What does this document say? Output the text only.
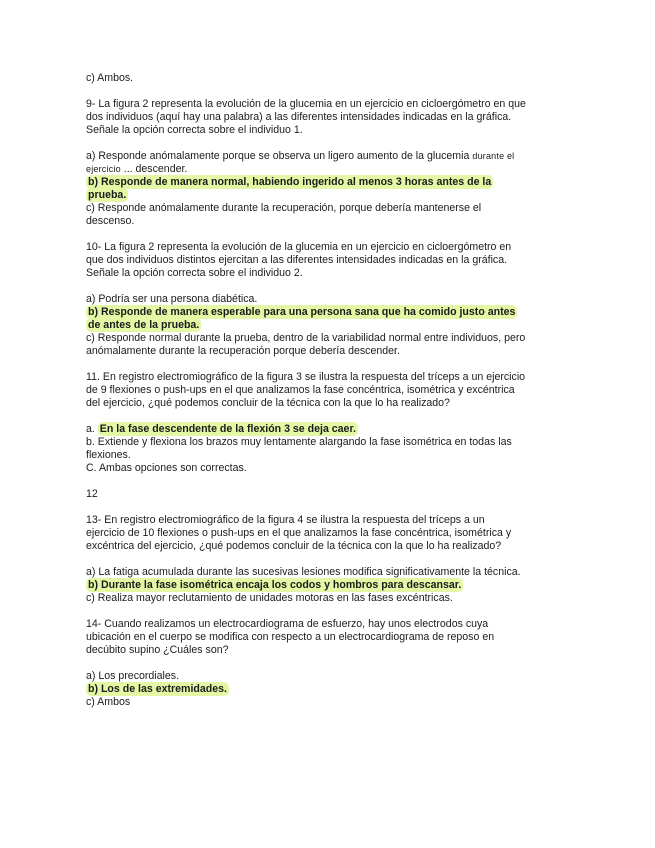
c) Ambos.

9- La figura 2 representa la evolución de la glucemia en un ejercicio en cicloergómetro en que dos individuos (aquí hay una palabra) a las diferentes intensidades indicadas en la gráfica. Señale la opción correcta sobre el individuo 1.

a) Responde anómalamente porque se observa un ligero aumento de la glucemia durante el ejercicio ... descender.

b) Responde de manera normal, habiendo ingerido al menos 3 horas antes de la prueba.

c) Responde anómalamente durante la recuperación, porque debería mantenerse el descenso.

10- La figura 2 representa la evolución de la glucemia en un ejercicio en cicloergómetro en que dos individuos distintos ejercitan a las diferentes intensidades indicadas en la gráfica. Señale la opción correcta sobre el individuo 2.

a) Podría ser una persona diabética.

b) Responde de manera esperable para una persona sana que ha comido justo antes de antes de la prueba.

c) Responde normal durante la prueba, dentro de la variabilidad normal entre individuos, pero anómalamente durante la recuperación porque debería descender.

11. En registro electromiográfico de la figura 3 se ilustra la respuesta del tríceps a un ejercicio de 9 flexiones o push-ups en el que analizamos la fase concéntrica, isométrica y excéntrica del ejercicio, ¿qué podemos concluir de la técnica con la que lo ha realizado?

a. En la fase descendente de la flexión 3 se deja caer.

b. Extiende y flexiona los brazos muy lentamente alargando la fase isométrica en todas las flexiones.

C. Ambas opciones son correctas.

12

13- En registro electromiográfico de la figura 4 se ilustra la respuesta del tríceps a un ejercicio de 10 flexiones o push-ups en el que analizamos la fase concéntrica, isométrica y excéntrica del ejercicio, ¿qué podemos concluir de la técnica con la que lo ha realizado?

a) La fatiga acumulada durante las sucesivas lesiones modifica significativamente la técnica.

b) Durante la fase isométrica encaja los codos y hombros para descansar.

c) Realiza mayor reclutamiento de unidades motoras en las fases excéntricas.

14- Cuando realizamos un electrocardiograma de esfuerzo, hay unos electrodos cuya ubicación en el cuerpo se modifica con respecto a un electrocardiograma de reposo en decúbito supino ¿Cuáles son?

a) Los precordiales.

b) Los de las extremidades.

c) Ambos
